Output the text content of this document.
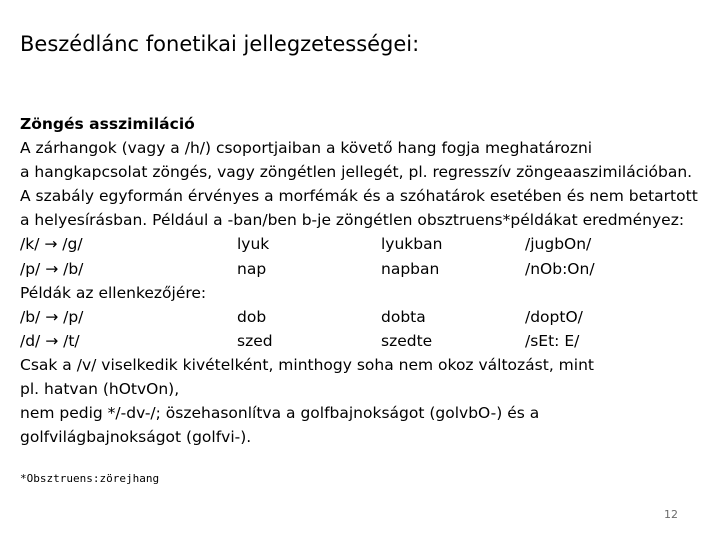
Beszédlánc fonetikai jellegzetességei:
Zöngés asszimiláció
A zárhangok (vagy a /h/) csoportjaiban a követő hang fogja meghatározni
a hangkapcsolat zöngés, vagy zöngétlen jellegét, pl. regresszív zöngeaaszimilációban.
A szabály egyformán érvényes a morfémák és a szóhatárok esetében és nem betartott
a helyesírásban. Például a -ban/ben b-je zöngétlen obsztruens*példákat eredményez:
/k/ → /g/	lyuk	lyukban	/jugbOn/
/p/ → /b/	nap	napban	/nOb:On/
Példák az ellenkezőjére:
/b/ → /p/	dob	dobta	/doptO/
/d/ → /t/	szed	szedte	/sEt: E/
Csak a /v/ viselkedik kivételként, minthogy soha nem okoz változást, mint
pl. hatvan (hOtvOn),
nem pedig */-dv-/; öszehasonlítva a golfbajnokságot (golvbO-) és a
golfvilágbajnokságot (golfvi-).
*Obsztruens:zörejhang
12
